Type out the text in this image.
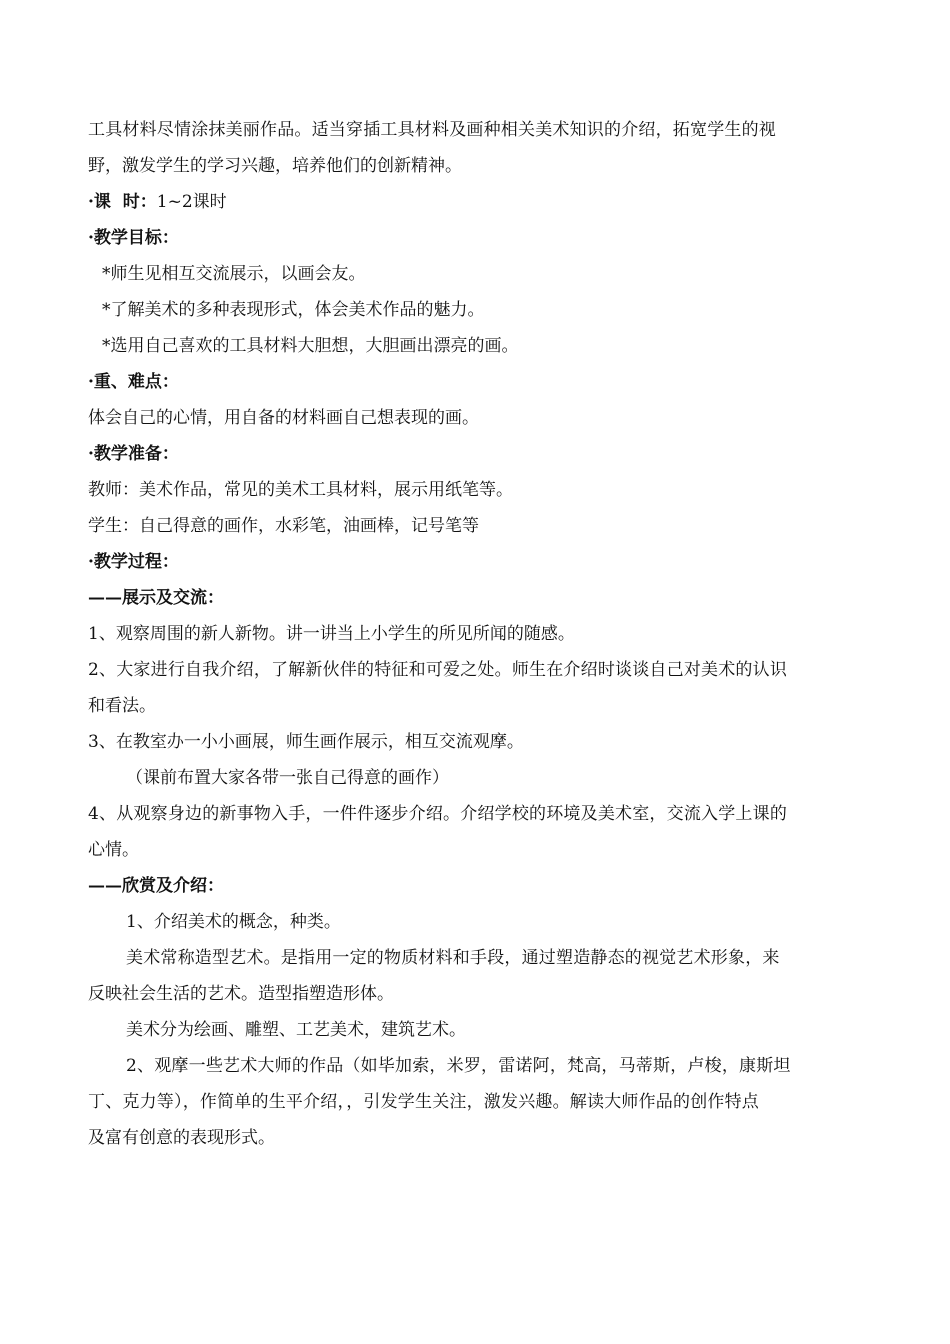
工具材料尽情涂抹美丽作品。适当穿插工具材料及画种相关美术知识的介绍，拓宽学生的视
野，激发学生的学习兴趣，培养他们的创新精神。
·课  时：1~2课时
·教学目标：
*师生见相互交流展示，以画会友。
*了解美术的多种表现形式，体会美术作品的魅力。
*选用自己喜欢的工具材料大胆想，大胆画出漂亮的画。
·重、难点：
体会自己的心情，用自备的材料画自己想表现的画。
·教学准备：
教师：美术作品，常见的美术工具材料，展示用纸笔等。
学生：自己得意的画作，水彩笔，油画棒，记号笔等
·教学过程：
——展示及交流：
1、观察周围的新人新物。讲一讲当上小学生的所见所闻的随感。
2、大家进行自我介绍，了解新伙伴的特征和可爱之处。师生在介绍时谈谈自己对美术的认识
和看法。
3、在教室办一小小画展，师生画作展示，相互交流观摩。
（课前布置大家各带一张自己得意的画作）
4、从观察身边的新事物入手，一件件逐步介绍。介绍学校的环境及美术室，交流入学上课的
心情。
——欣赏及介绍：
1、介绍美术的概念，种类。
美术常称造型艺术。是指用一定的物质材料和手段，通过塑造静态的视觉艺术形象，来
反映社会生活的艺术。造型指塑造形体。
美术分为绘画、雕塑、工艺美术，建筑艺术。
2、观摩一些艺术大师的作品（如毕加索，米罗，雷诺阿，梵高，马蒂斯，卢梭，康斯坦
丁、克力等），作简单的生平介绍，，引发学生关注，激发兴趣。解读大师作品的创作特点
及富有创意的表现形式。
